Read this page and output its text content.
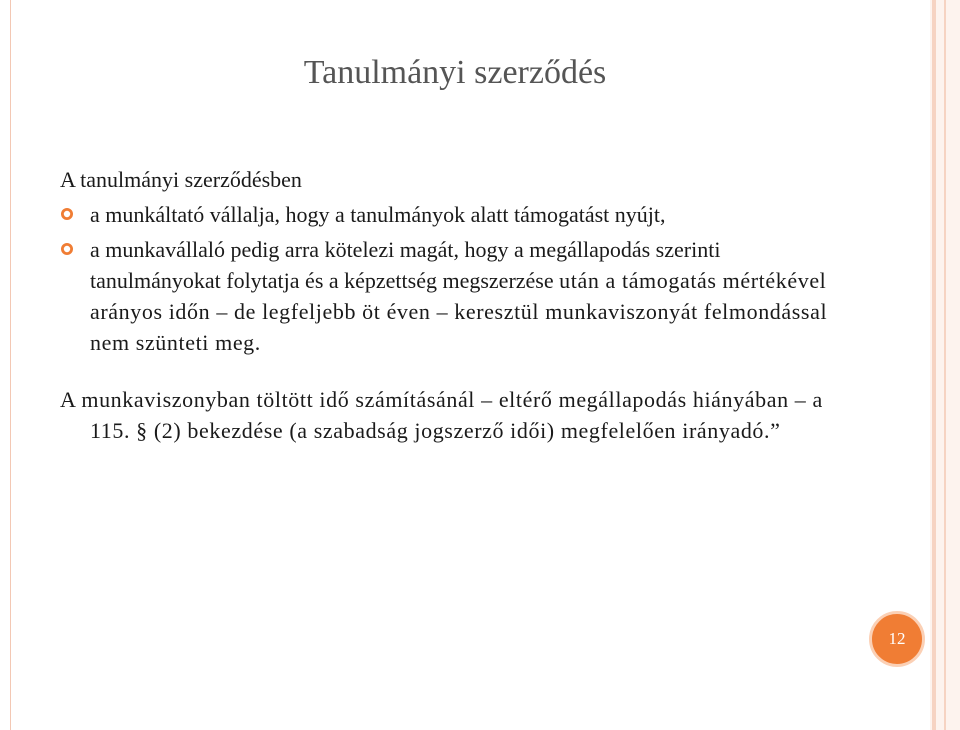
Tanulmányi szerződés
A tanulmányi szerződésben
a munkáltató vállalja, hogy a tanulmányok alatt támogatást nyújt,
a munkavállaló pedig arra kötelezi magát, hogy a megállapodás szerinti tanulmányokat folytatja és a képzettség megszerzése után a támogatás mértékével arányos időn – de legfeljebb öt éven – keresztül munkaviszonyát felmondással nem szünteti meg.
A munkaviszonyban töltött idő számításánál – eltérő megállapodás hiányában – a 115. § (2) bekezdése (a szabadság jogszerző idői) megfelelően irányadó.”
12
